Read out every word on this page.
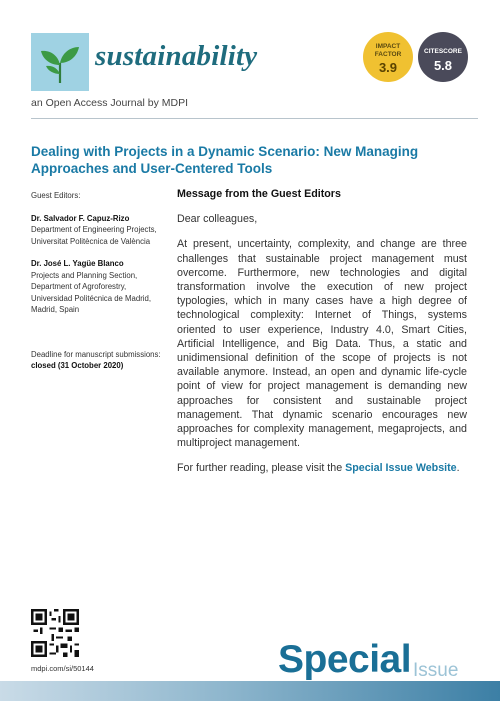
sustainability	IMPACT
FACTOR
3.9
CITESCORE
5.8
an Open Access Journal by MDPI
Dealing with Projects in a Dynamic Scenario: New Managing
Approaches and User-Centered Tools
Guest Editors:
Dr. Salvador F. Capuz-Rizo
Department of Engineering Projects, Universitat Politècnica de València
Dr. José L. Yagüe Blanco
Projects and Planning Section, Department of Agroforestry, Universidad Politécnica de Madrid, Madrid, Spain
Deadline for manuscript submissions:
closed (31 October 2020)
Message from the Guest Editors

Dear colleagues,

At present, uncertainty, complexity, and change are three challenges that sustainable project management must overcome. Furthermore, new technologies and digital transformation involve the execution of new project typologies, which in many cases have a high degree of technological complexity: Internet of Things, systems oriented to user experience, Industry 4.0, Smart Cities, Artificial Intelligence, and Big Data. Thus, a static and unidimensional definition of the scope of projects is not available anymore. Instead, an open and dynamic life-cycle point of view for project management is demanding new approaches for consistent and sustainable project management. That dynamic scenario encourages new approaches for complexity management, megaprojects, and multiproject management.

For further reading, please visit the Special Issue Website.

mdpi.com/si/50144	Special Issue
